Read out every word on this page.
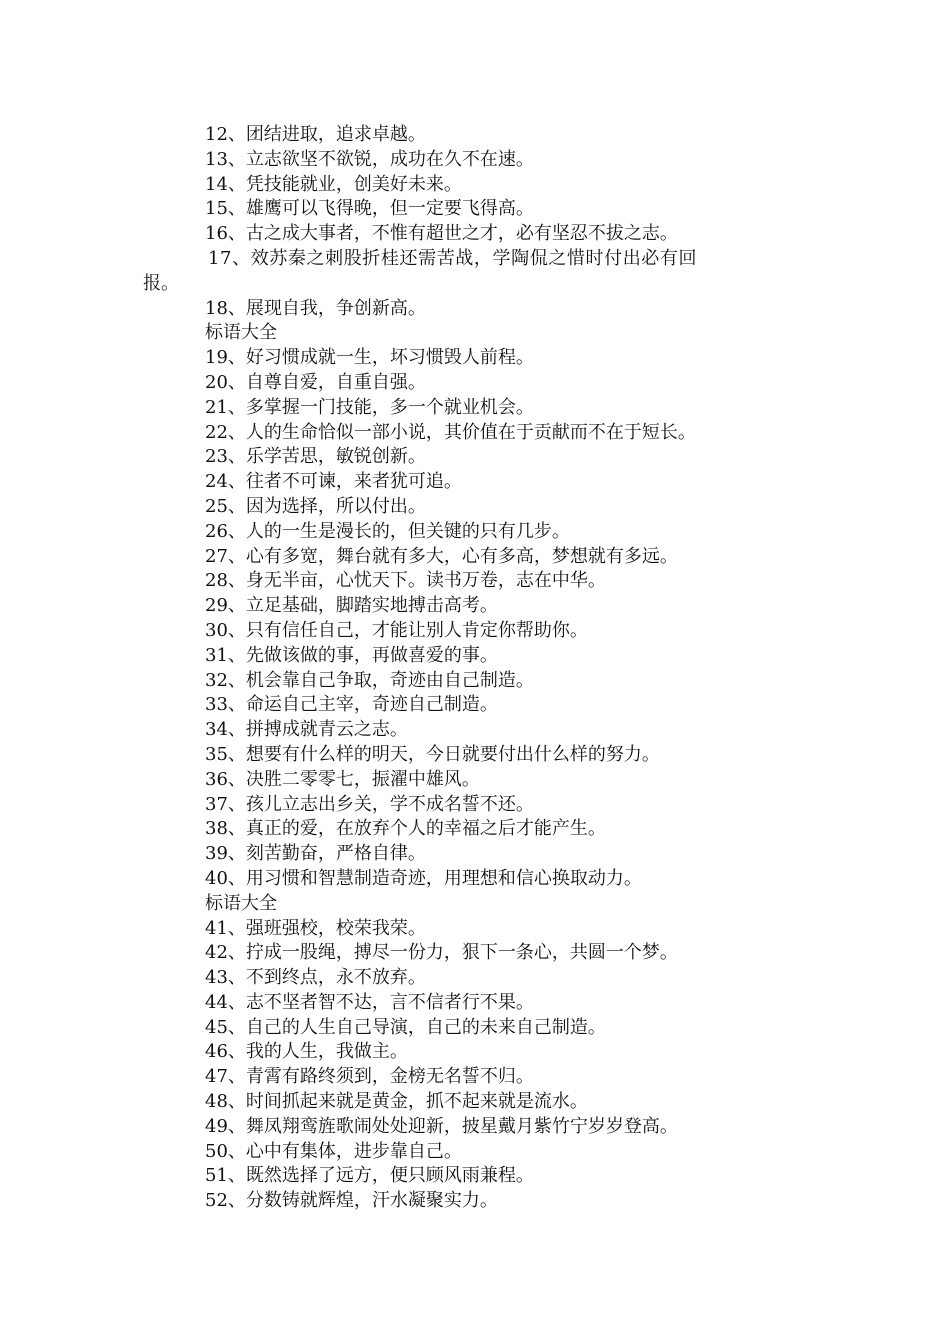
12、团结进取，追求卓越。
13、立志欲坚不欲锐，成功在久不在速。
14、凭技能就业，创美好未来。
15、雄鹰可以飞得晚，但一定要飞得高。
16、古之成大事者，不惟有超世之才，必有坚忍不拔之志。
17、效苏秦之刺股折桂还需苦战，学陶侃之惜时付出必有回
报。
18、展现自我，争创新高。
标语大全
19、好习惯成就一生，坏习惯毁人前程。
20、自尊自爱，自重自强。
21、多掌握一门技能，多一个就业机会。
22、人的生命恰似一部小说，其价值在于贡献而不在于短长。
23、乐学苦思，敏锐创新。
24、往者不可谏，来者犹可追。
25、因为选择，所以付出。
26、人的一生是漫长的，但关键的只有几步。
27、心有多宽，舞台就有多大，心有多高，梦想就有多远。
28、身无半亩，心忧天下。读书万卷，志在中华。
29、立足基础，脚踏实地搏击高考。
30、只有信任自己，才能让别人肯定你帮助你。
31、先做该做的事，再做喜爱的事。
32、机会靠自己争取，奇迹由自己制造。
33、命运自己主宰，奇迹自己制造。
34、拼搏成就青云之志。
35、想要有什么样的明天，今日就要付出什么样的努力。
36、决胜二零零七，振濯中雄风。
37、孩儿立志出乡关，学不成名誓不还。
38、真正的爱，在放弃个人的幸福之后才能产生。
39、刻苦勤奋，严格自律。
40、用习惯和智慧制造奇迹，用理想和信心换取动力。
标语大全
41、强班强校，校荣我荣。
42、拧成一股绳，搏尽一份力，狠下一条心，共圆一个梦。
43、不到终点，永不放弃。
44、志不坚者智不达，言不信者行不果。
45、自己的人生自己导演，自己的未来自己制造。
46、我的人生，我做主。
47、青霄有路终须到，金榜无名誓不归。
48、时间抓起来就是黄金，抓不起来就是流水。
49、舞凤翔鸾旌歌闹处处迎新，披星戴月紫竹宁岁岁登高。
50、心中有集体，进步靠自己。
51、既然选择了远方，便只顾风雨兼程。
52、分数铸就辉煌，汗水凝聚实力。
